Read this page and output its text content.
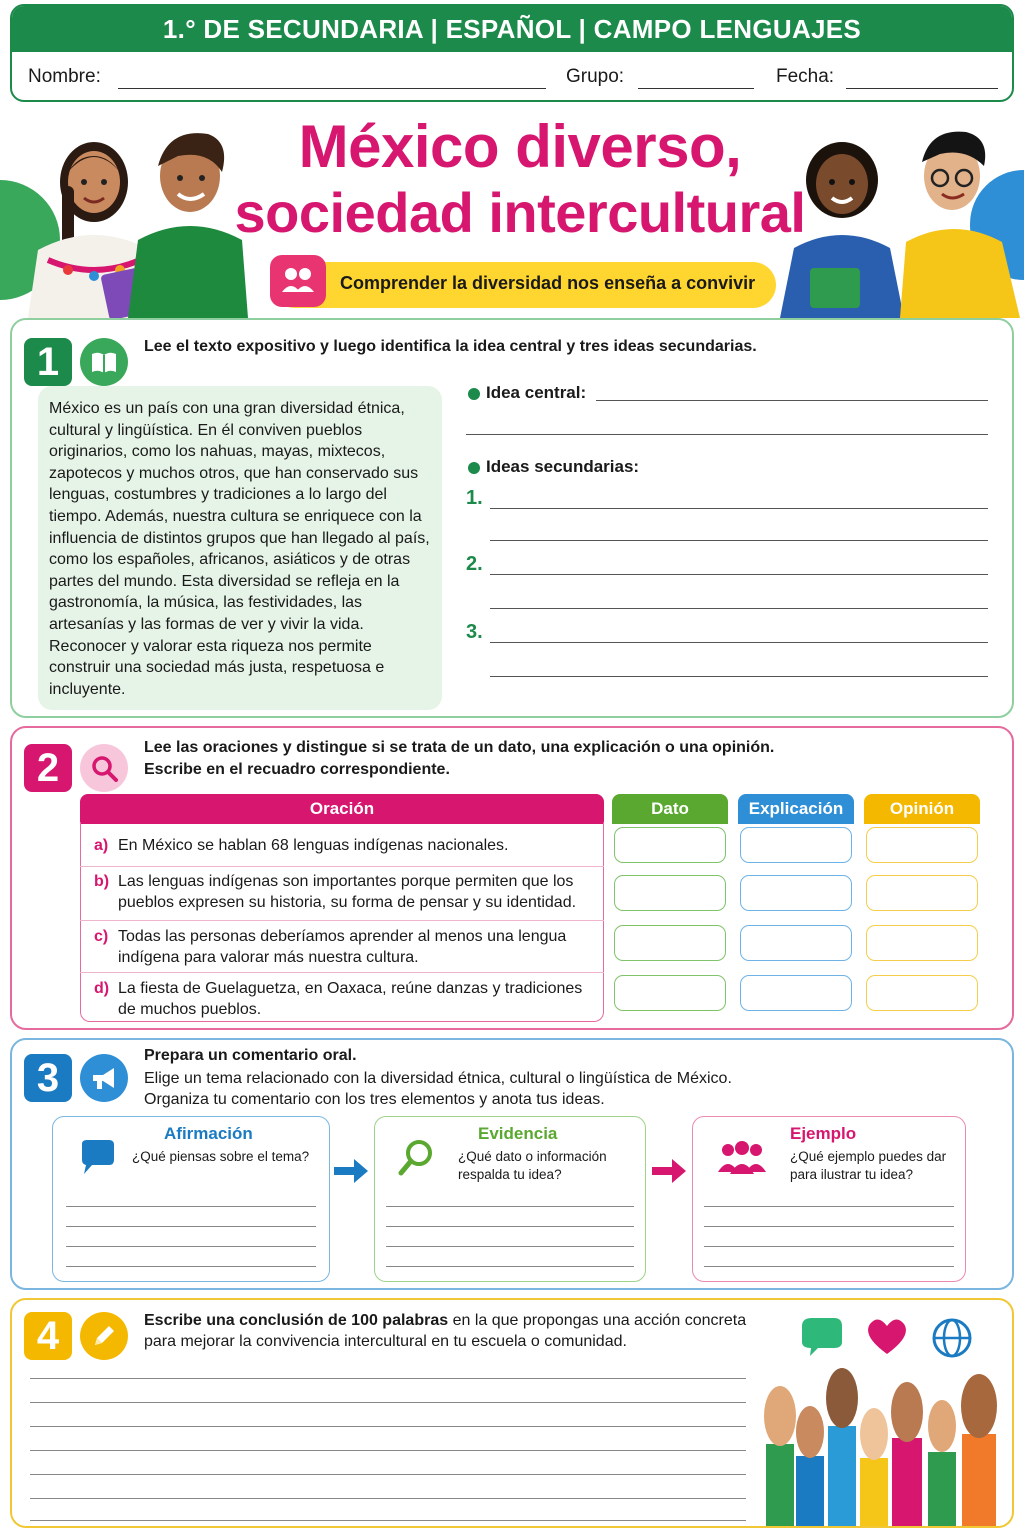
1.° DE SECUNDARIA | ESPAÑOL | CAMPO LENGUAJES
Nombre:	Grupo:	Fecha:
México diverso,
sociedad intercultural
Comprender la diversidad nos enseña a convivir
1	Lee el texto expositivo y luego identifica la idea central y tres ideas secundarias.
México es un país con una gran diversidad étnica, cultural y lingüística. En él conviven pueblos originarios, como los nahuas, mayas, mixtecos, zapotecos y muchos otros, que han conservado sus lenguas, costumbres y tradiciones a lo largo del tiempo. Además, nuestra cultura se enriquece con la influencia de distintos grupos que han llegado al país, como los españoles, africanos, asiáticos y de otras partes del mundo. Esta diversidad se refleja en la gastronomía, la música, las festividades, las artesanías y las formas de ver y vivir la vida. Reconocer y valorar esta riqueza nos permite construir una sociedad más justa, respetuosa e incluyente.
Idea central:
Ideas secundarias:
1.
2.
3.
2	Lee las oraciones y distingue si se trata de un dato, una explicación o una opinión.
Escribe en el recuadro correspondiente.
Oración	Dato	Explicación	Opinión
a) En México se hablan 68 lenguas indígenas nacionales.
b) Las lenguas indígenas son importantes porque permiten que los pueblos expresen su historia, su forma de pensar y su identidad.
c) Todas las personas deberíamos aprender al menos una lengua indígena para valorar más nuestra cultura.
d) La fiesta de Guelaguetza, en Oaxaca, reúne danzas y tradiciones de muchos pueblos.
3
Prepara un comentario oral.
Elige un tema relacionado con la diversidad étnica, cultural o lingüística de México.
Organiza tu comentario con los tres elementos y anota tus ideas.
Afirmación
¿Qué piensas sobre el tema?
Evidencia
¿Qué dato o información respalda tu idea?
Ejemplo
¿Qué ejemplo puedes dar para ilustrar tu idea?
4	Escribe una conclusión de 100 palabras en la que propongas una acción concreta
para mejorar la convivencia intercultural en tu escuela o comunidad.
